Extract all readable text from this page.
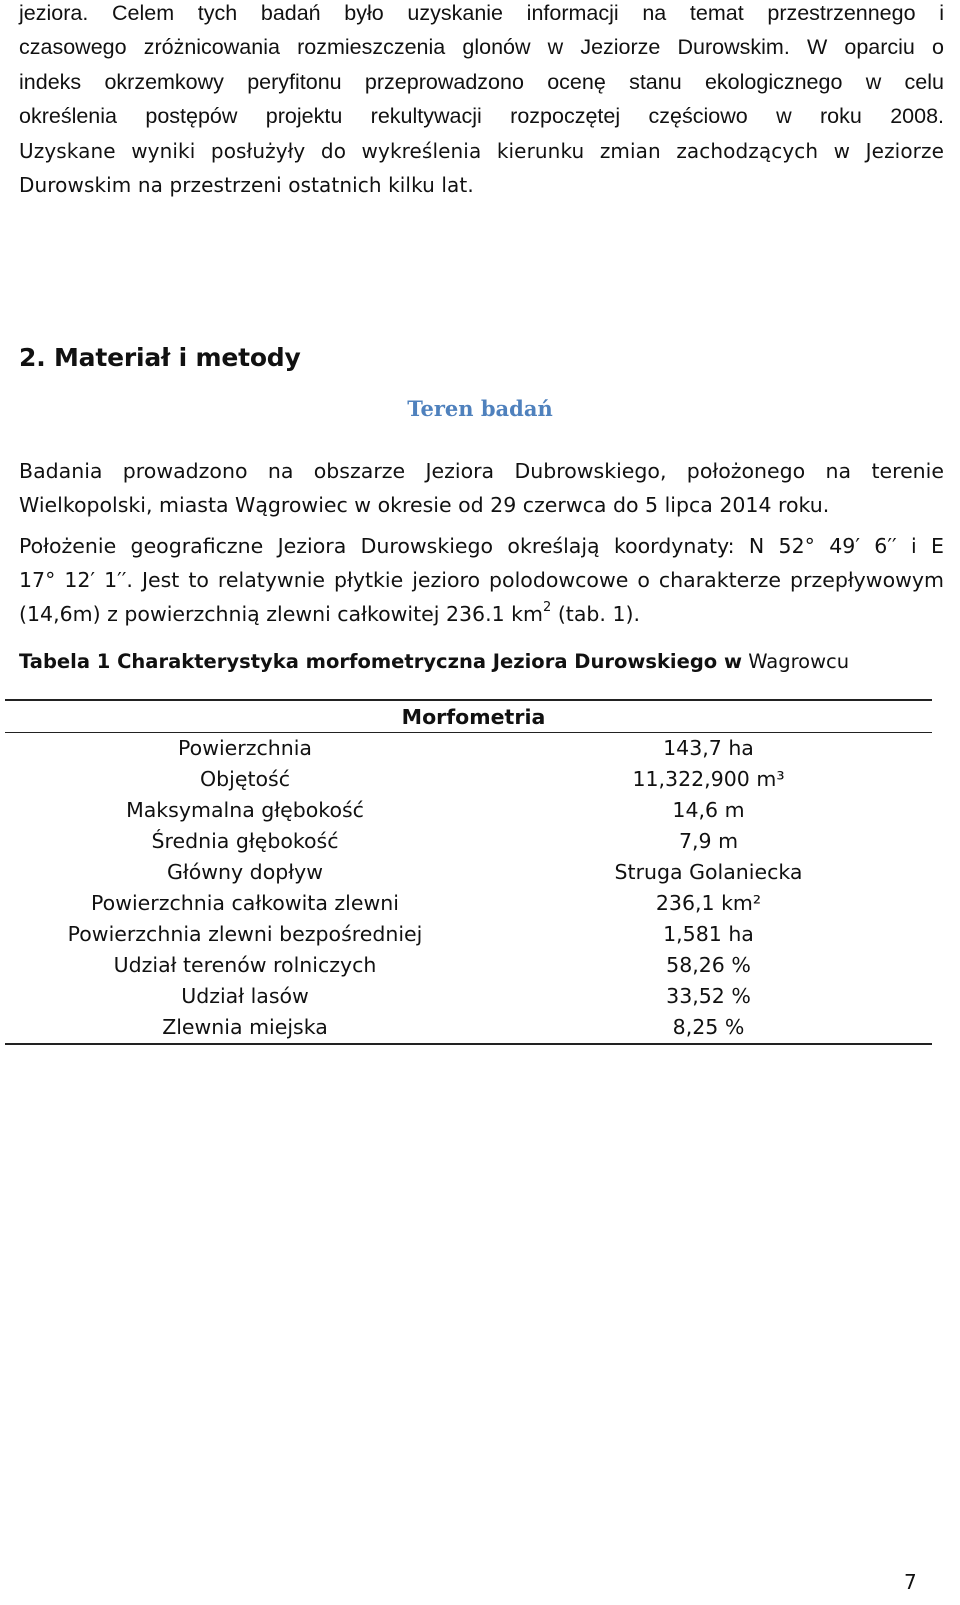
jeziora. Celem tych badań było uzyskanie informacji na temat przestrzennego i
czasowego zróżnicowania rozmieszczenia glonów w Jeziorze Durowskim. W oparciu o
indeks okrzemkowy peryfitonu przeprowadzono ocenę stanu ekologicznego w celu
określenia postępów projektu rekultywacji rozpoczętej częściowo w roku 2008.
Uzyskane wyniki posłużyły do wykreślenia kierunku zmian zachodzących w Jeziorze
Durowskim na przestrzeni ostatnich kilku lat.

2. Materiał i metody
Teren badań

Badania prowadzono na obszarze Jeziora Dubrowskiego, położonego na terenie
Wielkopolski, miasta Wągrowiec w okresie od 29 czerwca do 5 lipca 2014 roku.

Położenie geograficzne Jeziora Durowskiego określają koordynaty: N 52° 49′ 6′′ i E
17° 12′ 1′′. Jest to relatywnie płytkie jezioro polodowcowe o charakterze przepływowym
(14,6m) z powierzchnią zlewni całkowitej 236.1 $km^2$ (tab. 1).

Tabela 1 Charakterystyka morfometryczna Jeziora Durowskiego w Wagrowcu

Morfometria	
Powierzchnia	143,7 ha
Objętość	11,322,900 m³
Maksymalna głębokość	14,6 m
Średnia głębokość	7,9 m
Główny dopływ	Struga Golaniecka
Powierzchnia całkowita zlewni	236,1 km²
Powierzchnia zlewni bezpośredniej	1,581 ha
Udział terenów rolniczych	58,26 %
Udział lasów	33,52 %
Zlewnia miejska	8,25 %

7
